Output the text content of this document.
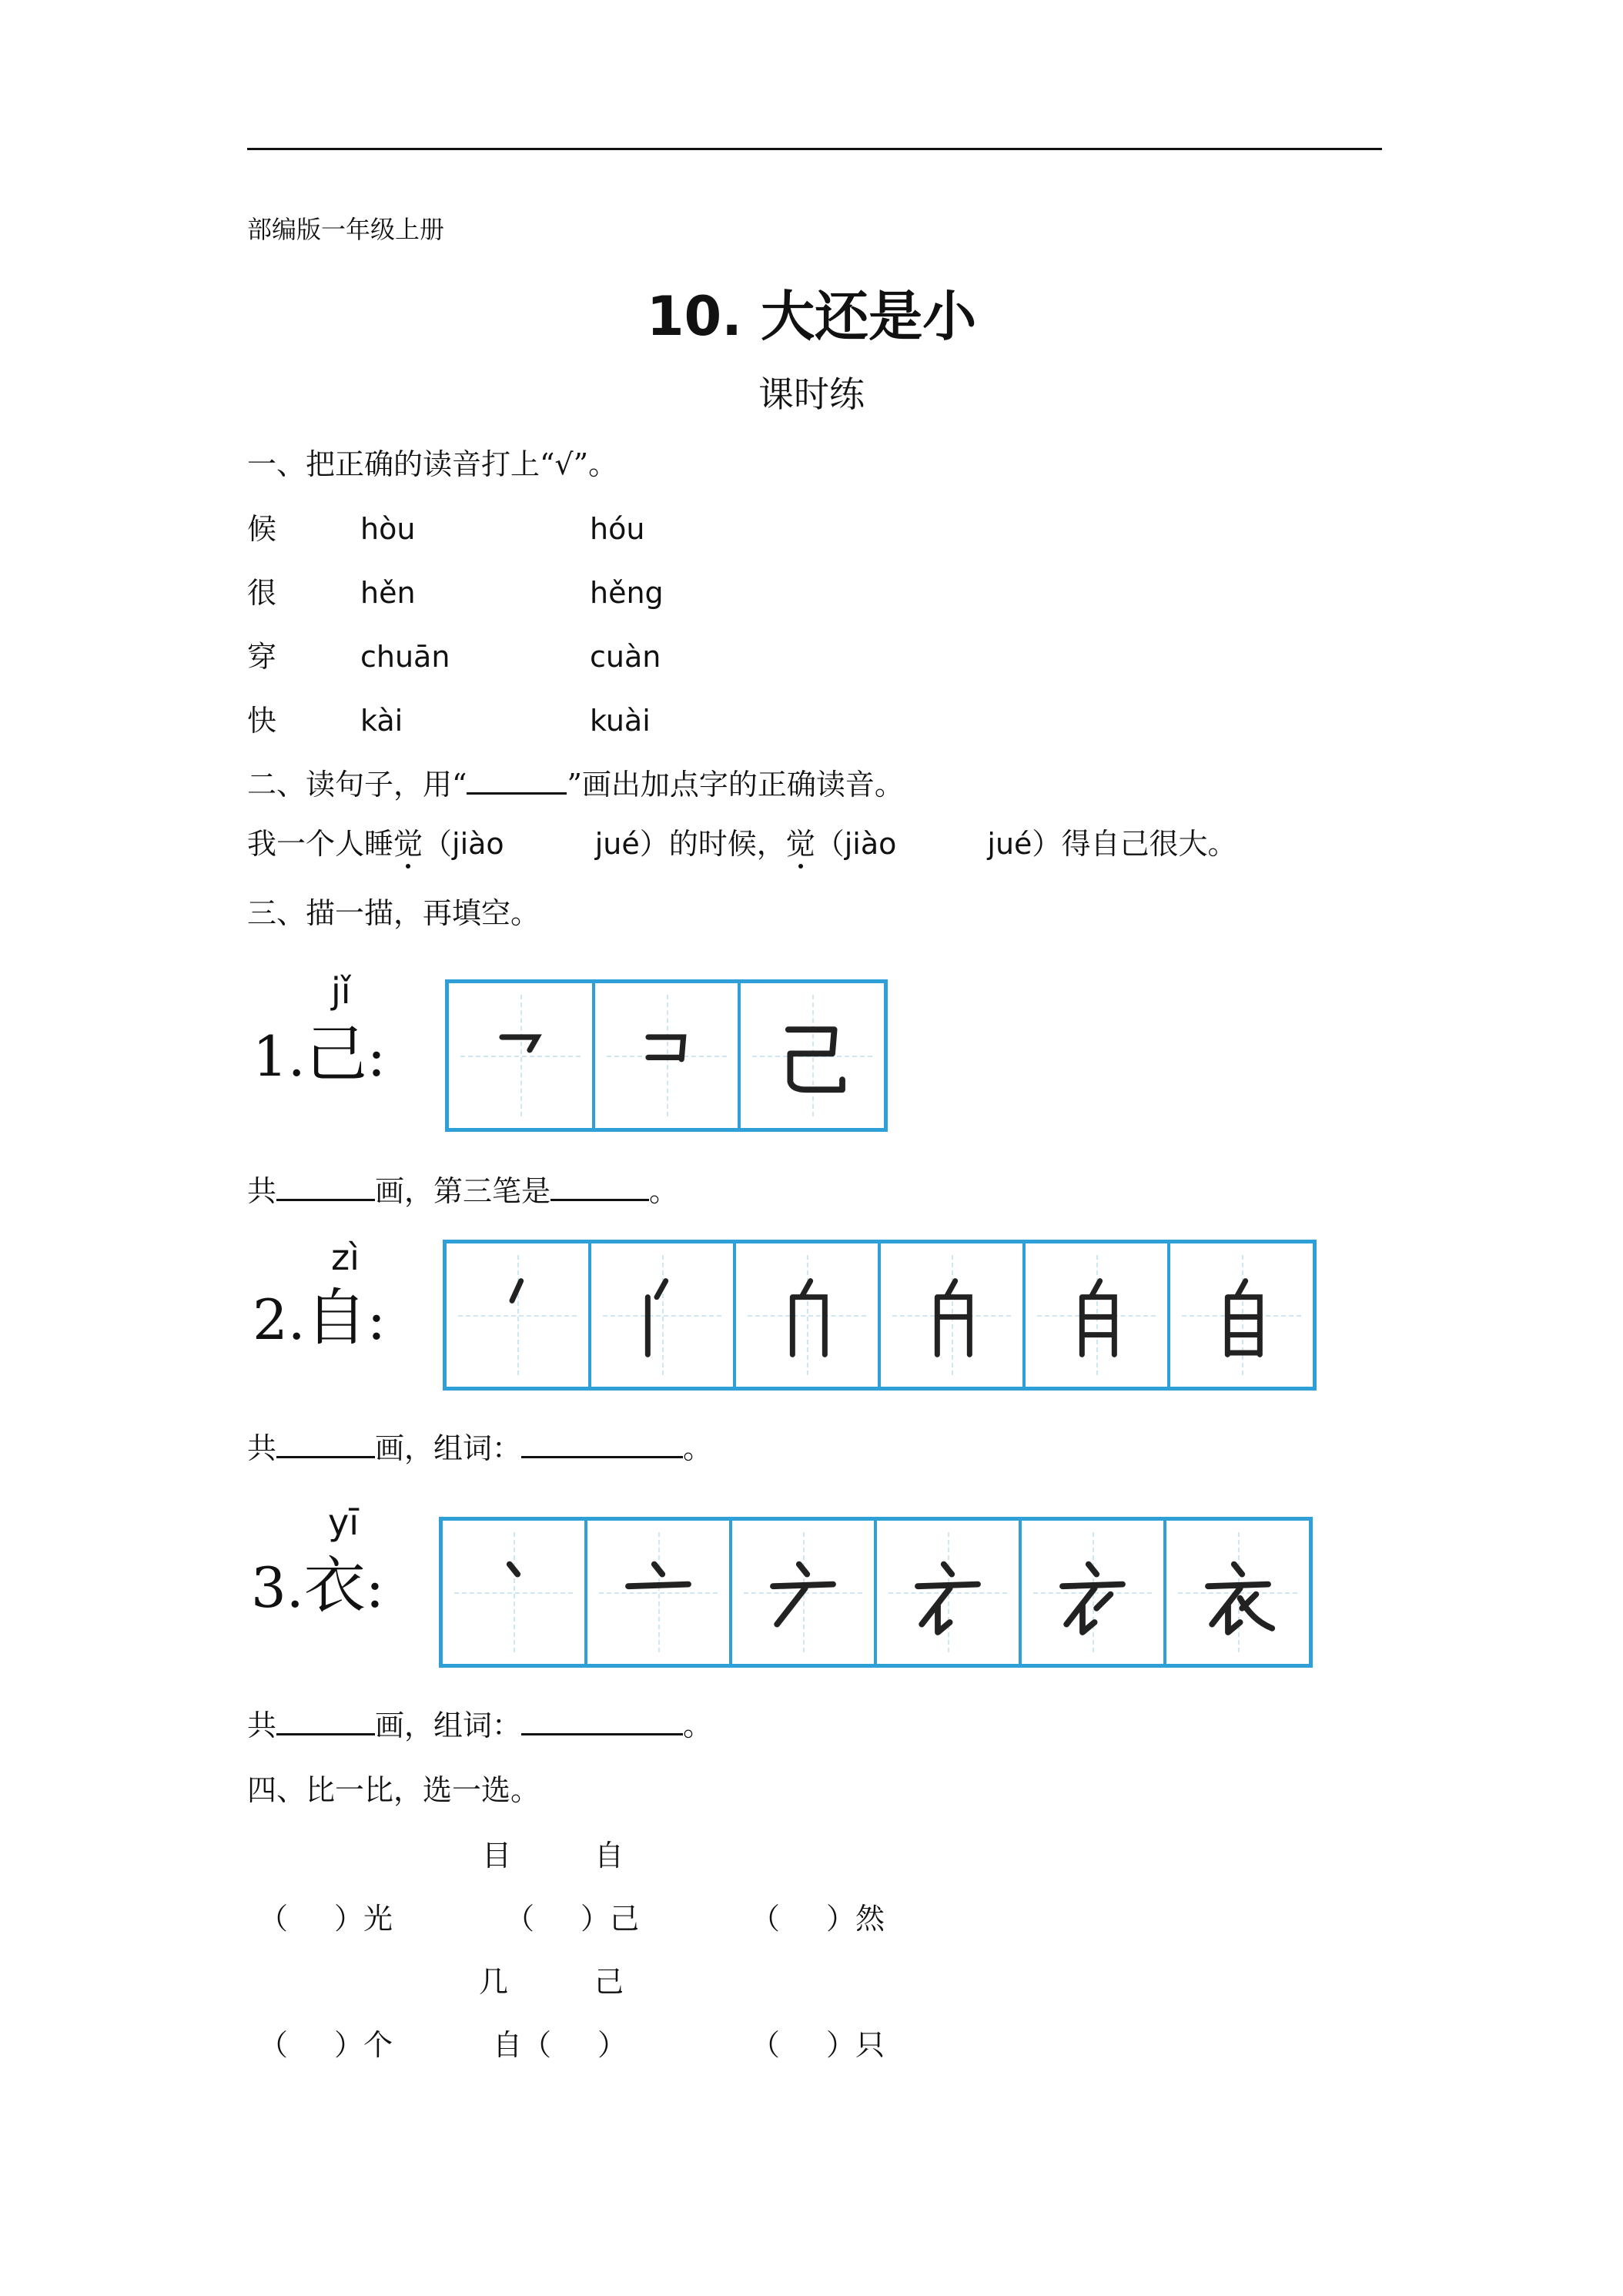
部编版一年级上册
10. 大还是小
课时练
一、把正确的读音打上“√”。
候	hòu	hóu
很	hěn	hěng
穿	chuān	cuàn
快	kài	kuài
二、读句子，用“	”画出加点字的正确读音。
我一个人睡觉（jiào	jué）的时候，觉（jiào	jué）得自己很大。
三、描一描，再填空。
jǐ
1.己:
共	画，第三笔是	。
zì
2.自:
共	画，组词：	。
yī
3.衣:
共	画，组词：	。
四、比一比，选一选。
目	自
（ ）光	（ ）己	（ ）然
几	己
（ ）个	自（ ）	（ ）只
